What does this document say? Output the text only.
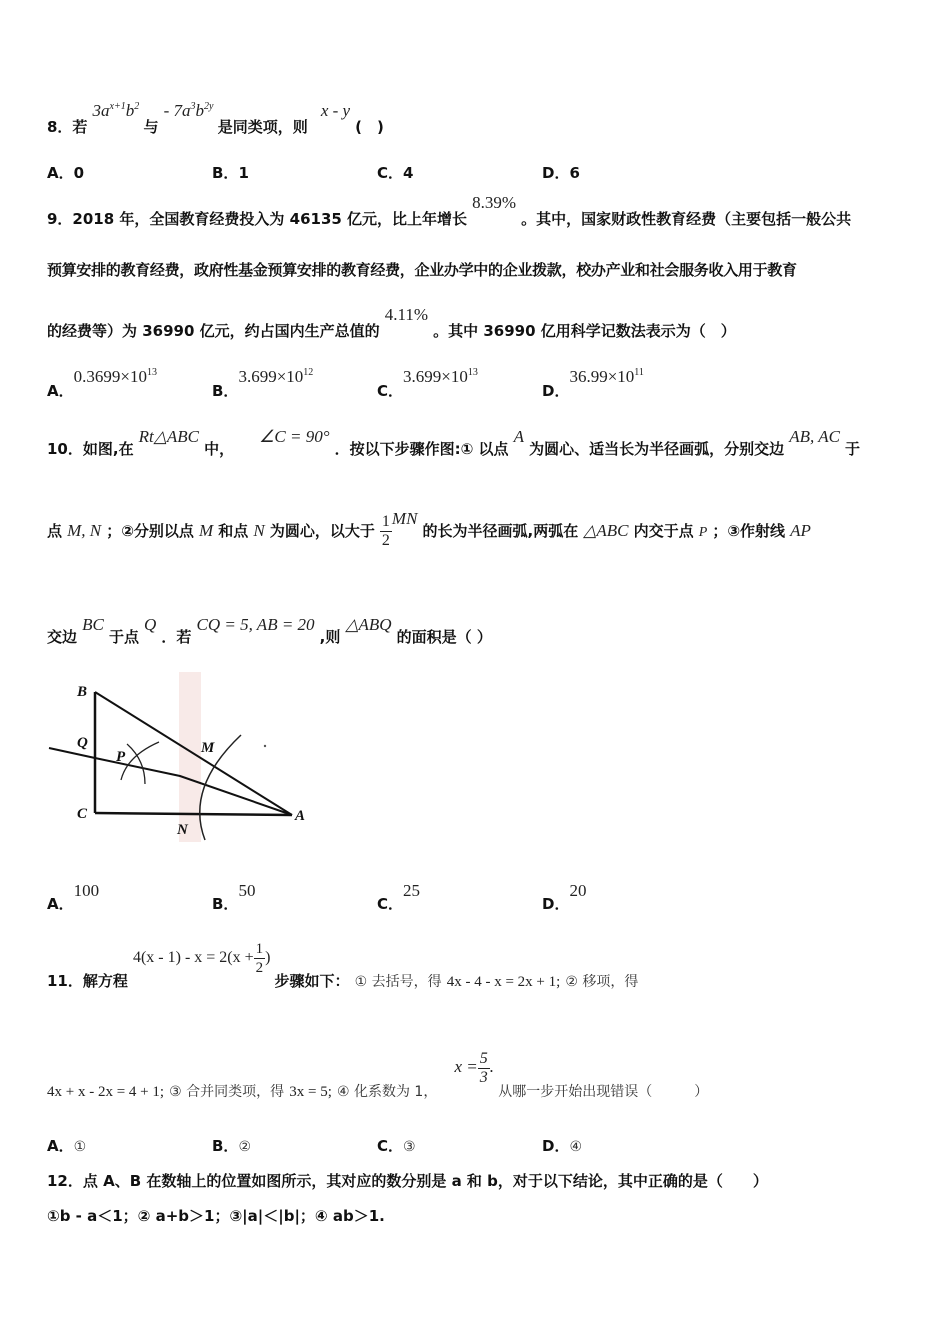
8．若 $3a^{x+1}b^2$ 与 - $7a^3b^{2y}$ 是同类项，则 x - y (　)
A．0	B．1	C．4	D．6
9．2018 年，全国教育经费投入为 46135 亿元，比上年增长 8.39% 。其中，国家财政性教育经费（主要包括一般公共
预算安排的教育经费，政府性基金预算安排的教育经费，企业办学中的企业拨款，校办产业和社会服务收入用于教育
的经费等）为 36990 亿元，约占国内生产总值的 4.11% 。其中 36990 亿用科学记数法表示为（　）
A．$0.3699\times 10^{13}$
B．$3.699\times 10^{12}$
C．$3.699\times 10^{13}$
D．$36.99\times 10^{11}$
10．如图,在 Rt△ABC 中， ∠C = 90° ．按以下步骤作图:① 以点 A 为圆心、适当长为半径画弧，分别交边 AB, AC 于
点 M, N ；②分别以点 M 和点 N 为圆心，以大于 $\frac{1}{2}$ MN 的长为半径画弧,两弧在 △ABC 内交于点 P ；③作射线 AP
交边 BC 于点 Q ．若 CQ = 5, AB = 20 ,则 △ABQ 的面积是（ ）
B
Q
P
M
C
N
A
A．100
B．50
C．25
D．20
11．解方程 $4(x - 1) - x = 2(x + \frac{1}{2}$ ) 步骤如下： ① 去括号，得 4x - 4 - x = 2x + 1; ② 移项，得
4x + x - 2x = 4 + 1; ③ 合并同类项，得 3x = 5; ④ 化系数为 1， $x = \frac{5}{3}$ . 从哪一步开始出现错误（　　　）
A．①	B．②	C．③	D．④
12．点 A、B 在数轴上的位置如图所示，其对应的数分别是 a 和 b，对于以下结论，其中正确的是（　　）
①b - a＜1；② a+b＞1；③|a|＜|b|；④ ab＞1.
